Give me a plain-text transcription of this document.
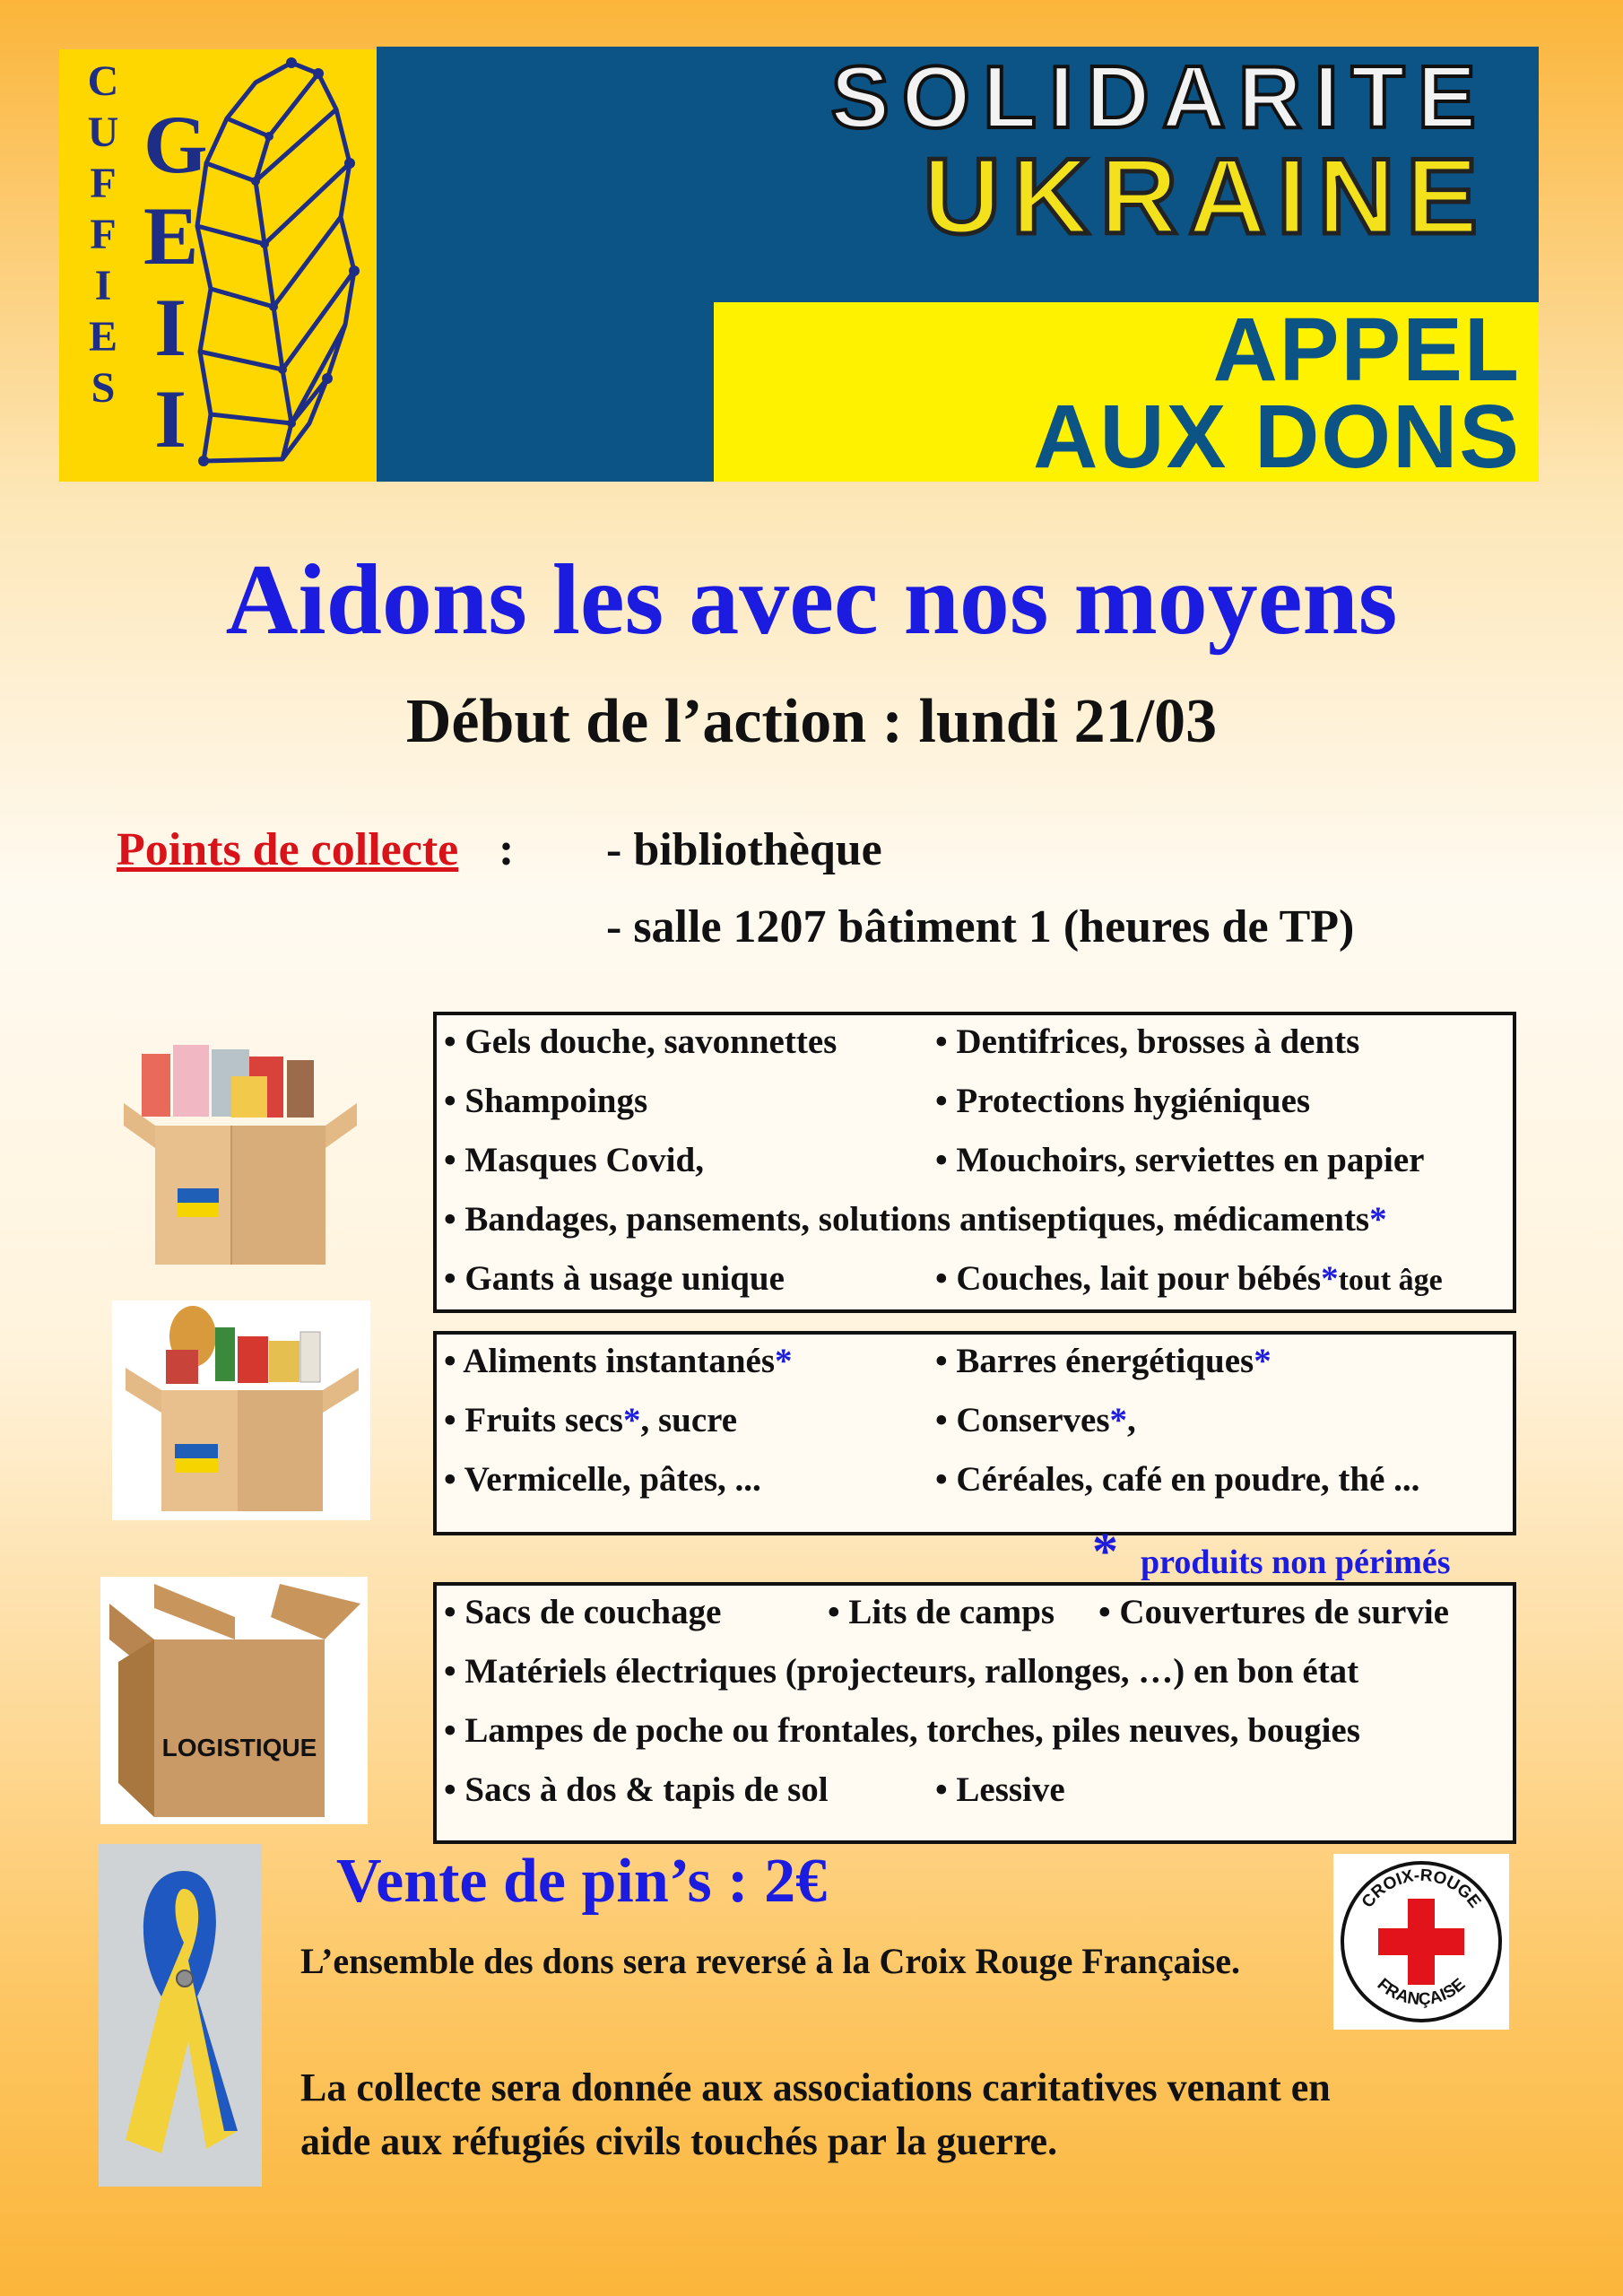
C
U
F
F
I
E
S
G
E
I
I
SOLIDARITE
UKRAINE
APPEL
AUX DONS
Aidons les avec nos moyens
Début de l’action : lundi 21/03
Points de collecte : - bibliothèque
- salle 1207 bâtiment 1 (heures de TP)
• Gels douche, savonnettes	• Dentifrices, brosses à dents
• Shampoings	• Protections hygiéniques
• Masques Covid,	• Mouchoirs, serviettes en papier
• Bandages, pansements, solutions antiseptiques, médicaments*
• Gants à usage unique	• Couches, lait pour bébés*tout âge
• Aliments instantanés*	• Barres énergétiques*
• Fruits secs*, sucre	• Conserves*,
• Vermicelle, pâtes, ...	• Céréales, café en poudre, thé ...
* produits non périmés
LOGISTIQUE
• Sacs de couchage	• Lits de camps • Couvertures de survie
• Matériels électriques (projecteurs, rallonges, …) en bon état
• Lampes de poche ou frontales, torches, piles neuves, bougies
• Sacs à dos & tapis de sol	• Lessive
Vente de pin’s : 2€
L’ensemble des dons sera reversé à la Croix Rouge Française.
CROIX-ROUGE
FRANÇAISE
La collecte sera donnée aux associations caritatives venant en
aide aux réfugiés civils touchés par la guerre.
